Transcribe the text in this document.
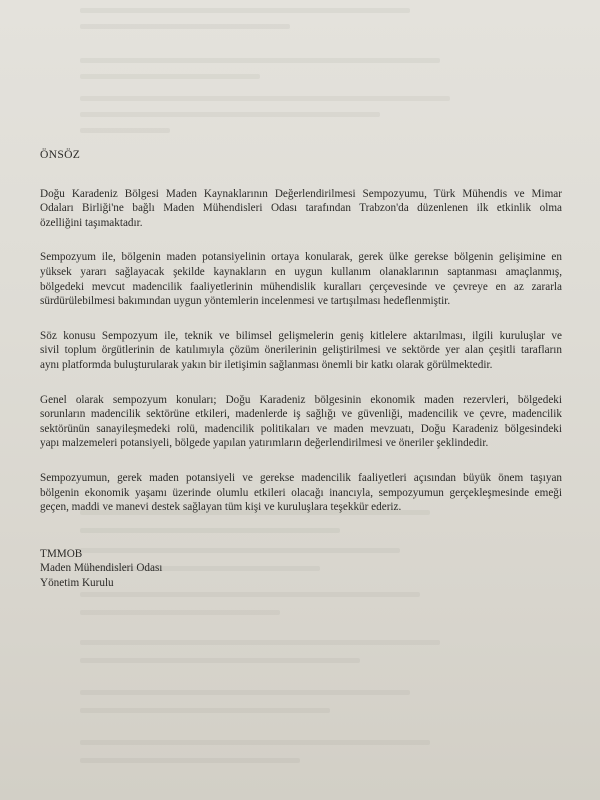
ÖNSÖZ
Doğu Karadeniz Bölgesi Maden Kaynaklarının Değerlendirilmesi Sempozyumu, Türk Mühendis ve Mimar
Odaları Birliği'ne bağlı Maden Mühendisleri Odası tarafından Trabzon'da düzenlenen ilk etkinlik olma
özelliğini taşımaktadır.
Sempozyum ile, bölgenin maden potansiyelinin ortaya konularak, gerek ülke gerekse bölgenin gelişimine en
yüksek yararı sağlayacak şekilde kaynakların en uygun kullanım olanaklarının saptanması amaçlanmış,
bölgedeki mevcut madencilik faaliyetlerinin mühendislik kuralları çerçevesinde ve çevreye en az zararla
sürdürülebilmesi bakımından uygun yöntemlerin incelenmesi ve tartışılması hedeflenmiştir.
Söz konusu Sempozyum ile, teknik ve bilimsel gelişmelerin geniş kitlelere aktarılması, ilgili kuruluşlar ve
sivil toplum örgütlerinin de katılımıyla çözüm önerilerinin geliştirilmesi ve sektörde yer alan çeşitli tarafların
aynı platformda buluşturularak yakın bir iletişimin sağlanması önemli bir katkı olarak görülmektedir.
Genel olarak sempozyum konuları; Doğu Karadeniz bölgesinin ekonomik maden rezervleri, bölgedeki
sorunların madencilik sektörüne etkileri, madenlerde iş sağlığı ve güvenliği, madencilik ve çevre, madencilik
sektörünün sanayileşmedeki rolü, madencilik politikaları ve maden mevzuatı, Doğu Karadeniz bölgesindeki
yapı malzemeleri potansiyeli, bölgede yapılan yatırımların değerlendirilmesi ve öneriler şeklindedir.
Sempozyumun, gerek maden potansiyeli ve gerekse madencilik faaliyetleri açısından büyük önem taşıyan
bölgenin ekonomik yaşamı üzerinde olumlu etkileri olacağı inancıyla, sempozyumun gerçekleşmesinde emeği
geçen, maddi ve manevi destek sağlayan tüm kişi ve kuruluşlara teşekkür ederiz.
TMMOB
Maden Mühendisleri Odası
Yönetim Kurulu
